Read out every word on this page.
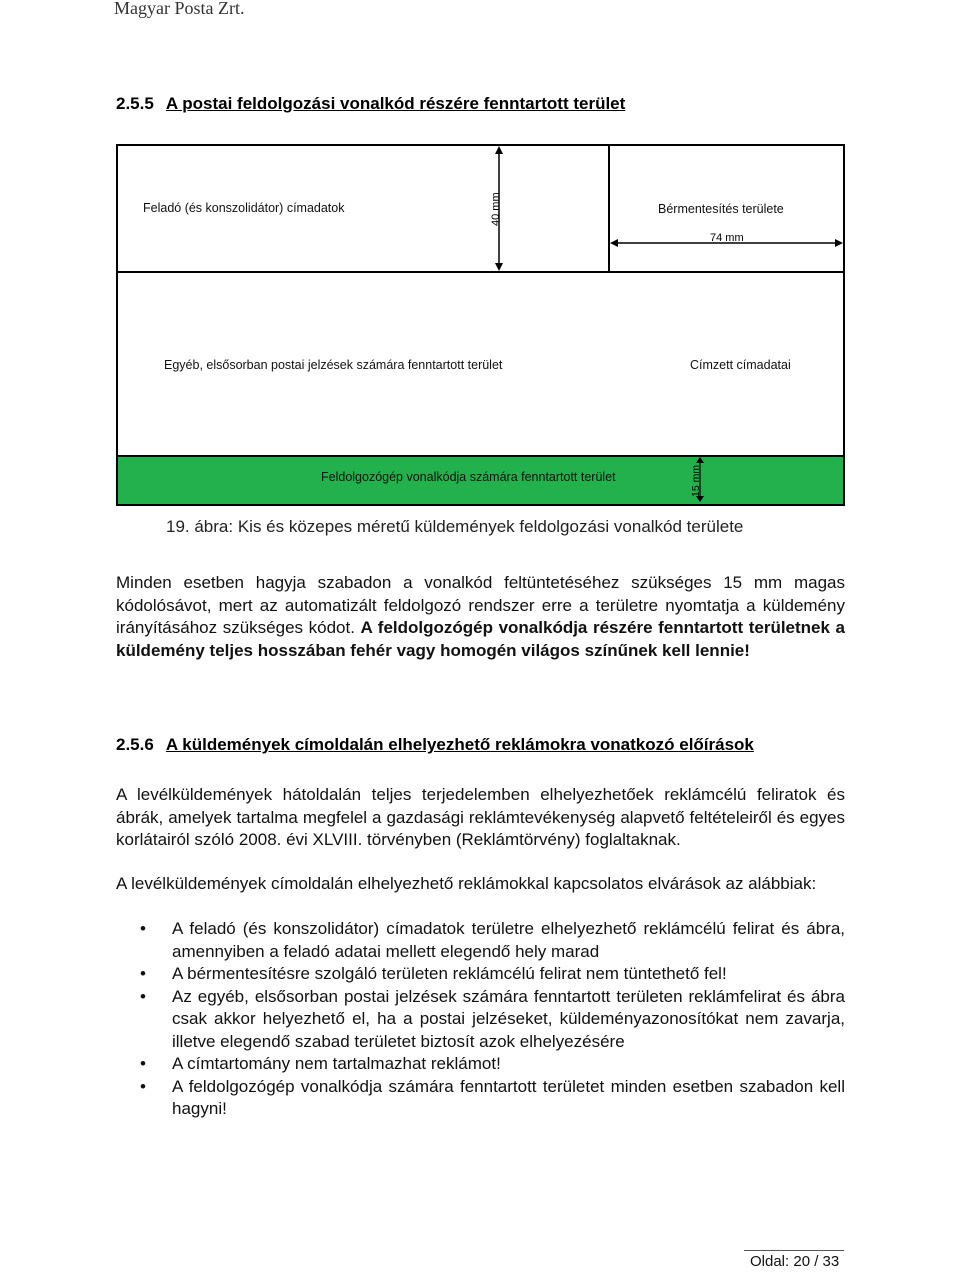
Magyar Posta Zrt.
2.5.5 A postai feldolgozási vonalkód részére fenntartott terület
Feladó (és konszolidátor) címadatok	40 mm	Bérmentesítés területe
74 mm
Egyéb, elsősorban postai jelzések számára fenntartott terület	Címzett címadatai
Feldolgozógép vonalkódja számára fenntartott terület	15 mm
19. ábra: Kis és közepes méretű küldemények feldolgozási vonalkód területe
Minden esetben hagyja szabadon a vonalkód feltüntetéséhez szükséges 15 mm magas kódolósávot, mert az automatizált feldolgozó rendszer erre a területre nyomtatja a küldemény irányításához szükséges kódot. A feldolgozógép vonalkódja részére fenntartott területnek a küldemény teljes hosszában fehér vagy homogén világos színűnek kell lennie!
2.5.6 A küldemények címoldalán elhelyezhető reklámokra vonatkozó előírások
A levélküldemények hátoldalán teljes terjedelemben elhelyezhetőek reklámcélú feliratok és ábrák, amelyek tartalma megfelel a gazdasági reklámtevékenység alapvető feltételeiről és egyes korlátairól szóló 2008. évi XLVIII. törvényben (Reklámtörvény) foglaltaknak.
A levélküldemények címoldalán elhelyezhető reklámokkal kapcsolatos elvárások az alábbiak:
• A feladó (és konszolidátor) címadatok területre elhelyezhető reklámcélú felirat és ábra, amennyiben a feladó adatai mellett elegendő hely marad
• A bérmentesítésre szolgáló területen reklámcélú felirat nem tüntethető fel!
• Az egyéb, elsősorban postai jelzések számára fenntartott területen reklámfelirat és ábra csak akkor helyezhető el, ha a postai jelzéseket, küldeményazonosítókat nem zavarja, illetve elegendő szabad területet biztosít azok elhelyezésére
• A címtartomány nem tartalmazhat reklámot!
• A feldolgozógép vonalkódja számára fenntartott területet minden esetben szabadon kell hagyni!
Oldal: 20 / 33
